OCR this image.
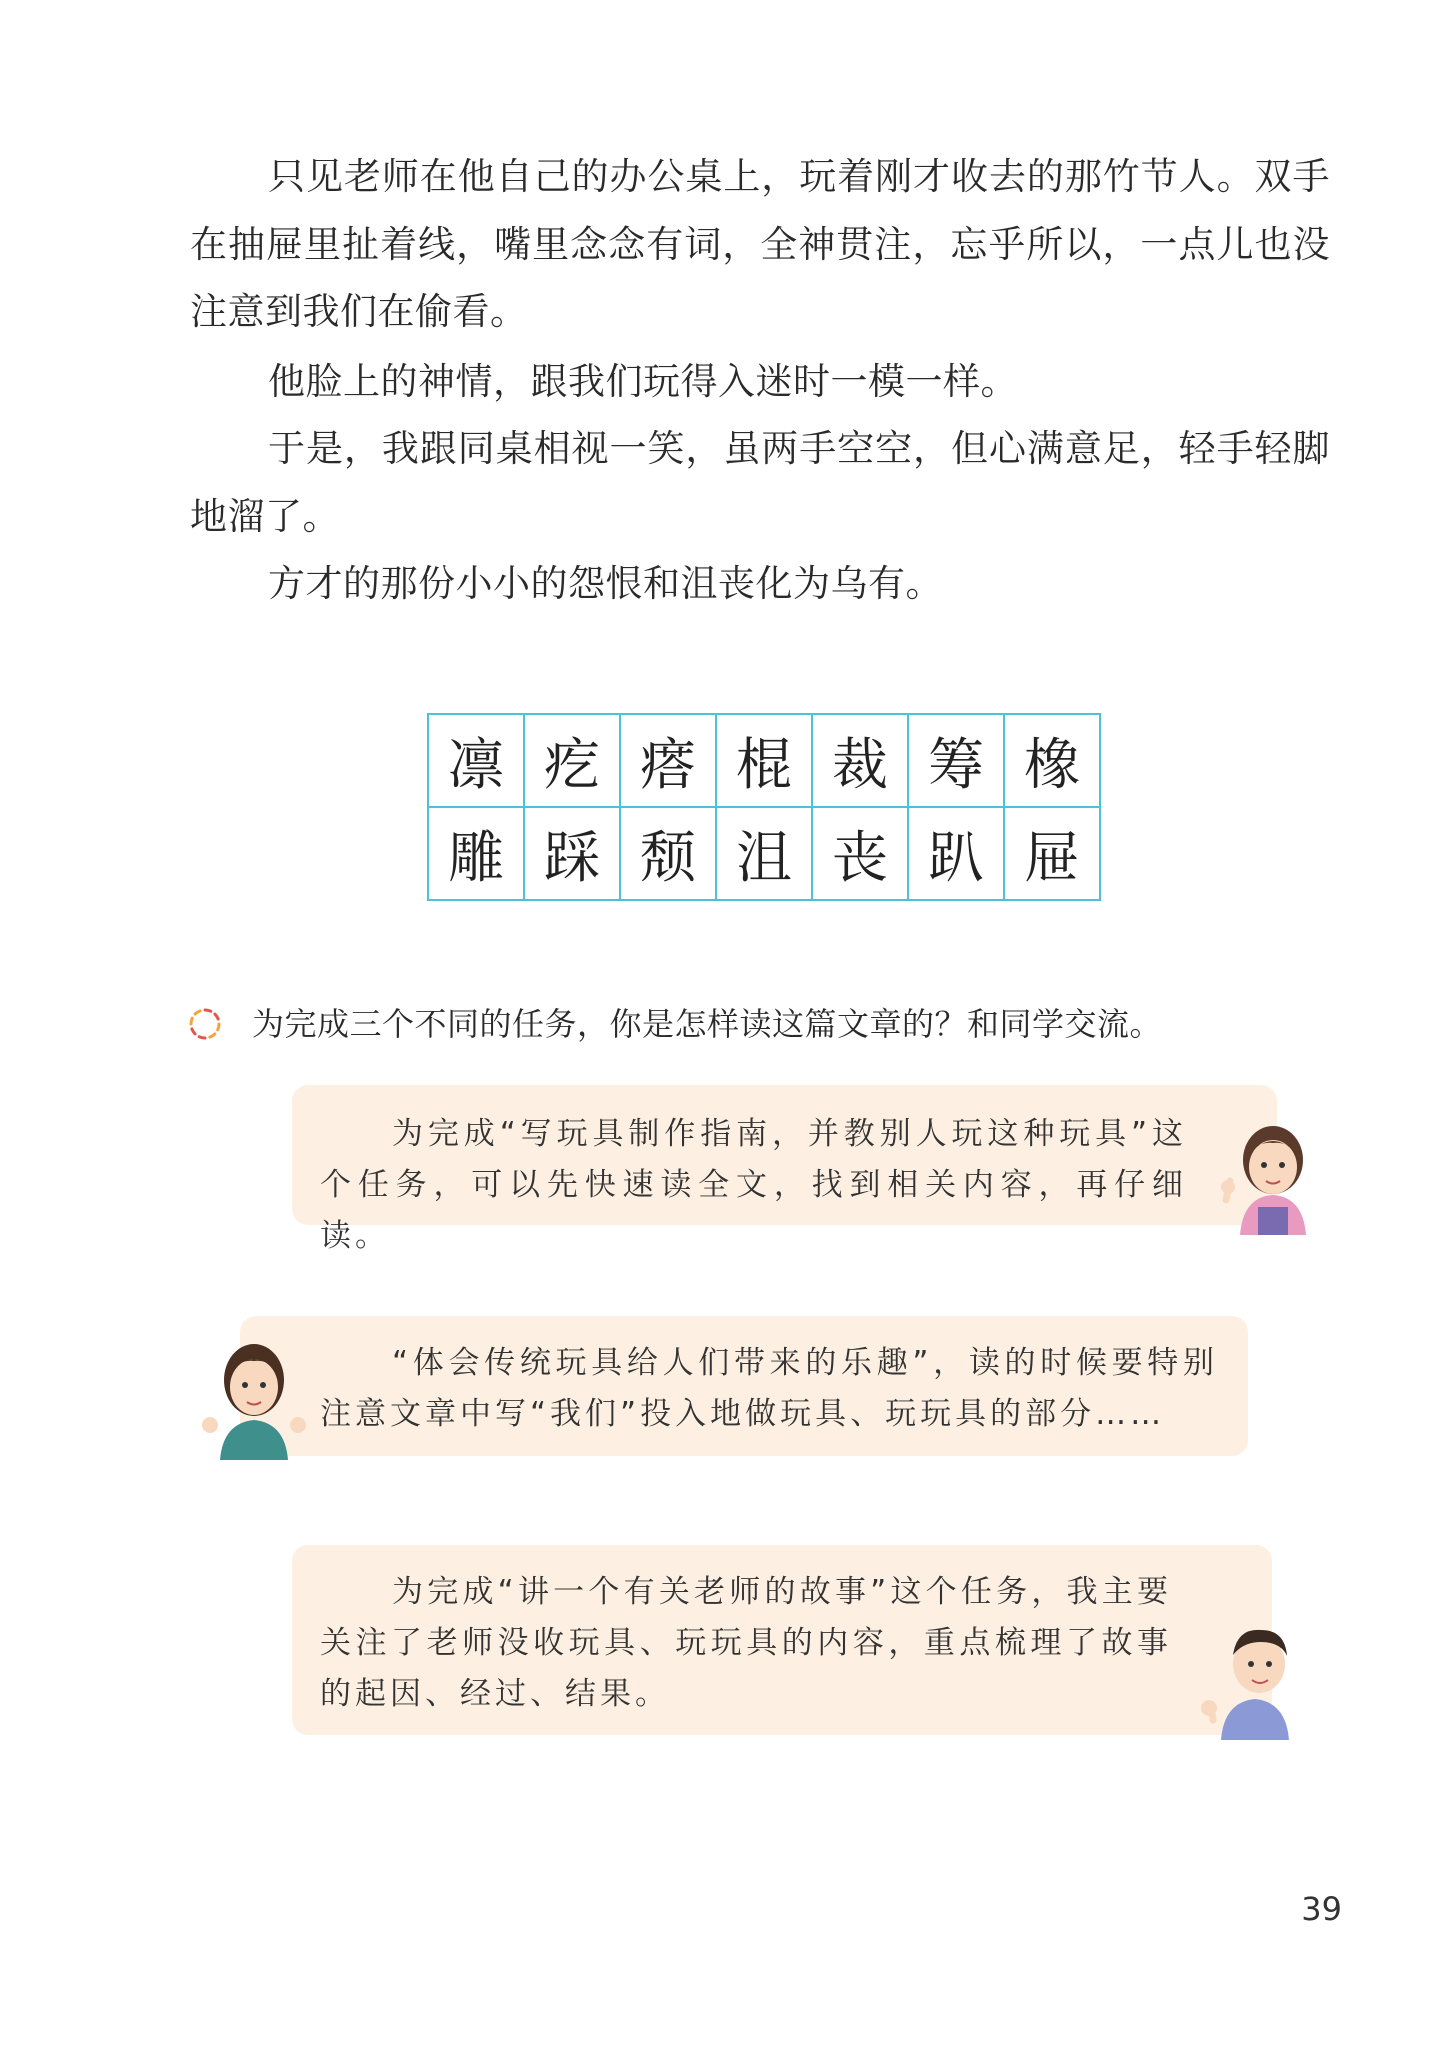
只见老师在他自己的办公桌上，玩着刚才收去的那竹节人。双手在抽屉里扯着线，嘴里念念有词，全神贯注，忘乎所以，一点儿也没注意到我们在偷看。

他脸上的神情，跟我们玩得入迷时一模一样。

于是，我跟同桌相视一笑，虽两手空空，但心满意足，轻手轻脚地溜了。

方才的那份小小的怨恨和沮丧化为乌有。

凛	疙	瘩	棍	裁	筹	橡
雕	踩	颓	沮	丧	趴	屉
为完成三个不同的任务，你是怎样读这篇文章的？和同学交流。

为完成“写玩具制作指南，并教别人玩这种玩具”这个任务，可以先快速读全文，找到相关内容，再仔细读。

“体会传统玩具给人们带来的乐趣”，读的时候要特别注意文章中写“我们”投入地做玩具、玩玩具的部分……

为完成“讲一个有关老师的故事”这个任务，我主要关注了老师没收玩具、玩玩具的内容，重点梳理了故事的起因、经过、结果。

39
